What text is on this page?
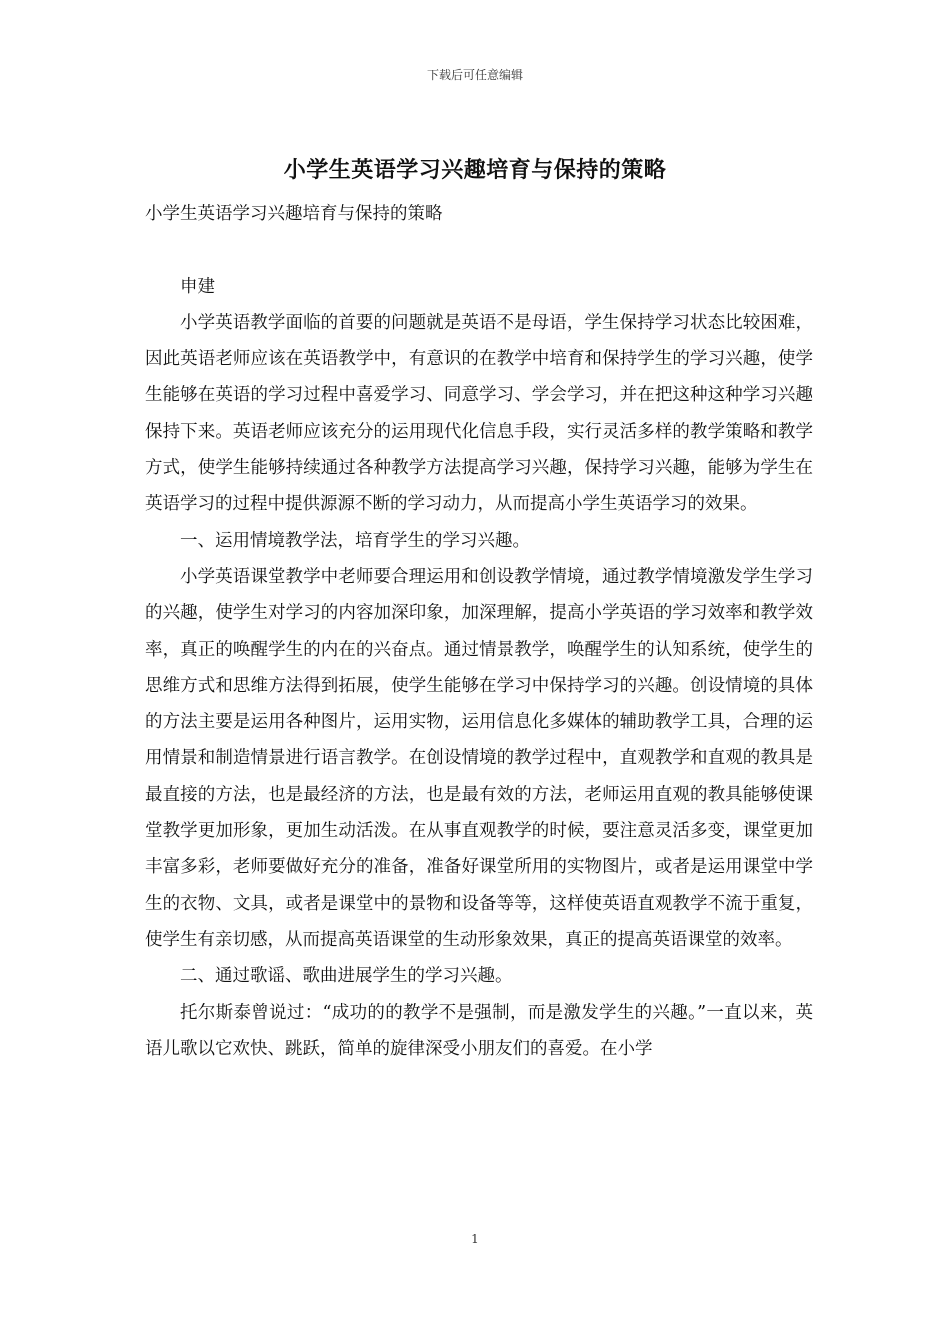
下载后可任意编辑
小学生英语学习兴趣培育与保持的策略

小学生英语学习兴趣培育与保持的策略

申建

小学英语教学面临的首要的问题就是英语不是母语，学生保持学习状态比较困难，因此英语老师应该在英语教学中，有意识的在教学中培育和保持学生的学习兴趣，使学生能够在英语的学习过程中喜爱学习、同意学习、学会学习，并在把这种这种学习兴趣保持下来。英语老师应该充分的运用现代化信息手段，实行灵活多样的教学策略和教学方式，使学生能够持续通过各种教学方法提高学习兴趣，保持学习兴趣，能够为学生在英语学习的过程中提供源源不断的学习动力，从而提高小学生英语学习的效果。

一、运用情境教学法，培育学生的学习兴趣。

小学英语课堂教学中老师要合理运用和创设教学情境，通过教学情境激发学生学习的兴趣，使学生对学习的内容加深印象，加深理解，提高小学英语的学习效率和教学效率，真正的唤醒学生的内在的兴奋点。通过情景教学，唤醒学生的认知系统，使学生的思维方式和思维方法得到拓展，使学生能够在学习中保持学习的兴趣。创设情境的具体的方法主要是运用各种图片，运用实物，运用信息化多媒体的辅助教学工具，合理的运用情景和制造情景进行语言教学。在创设情境的教学过程中，直观教学和直观的教具是最直接的方法，也是最经济的方法，也是最有效的方法，老师运用直观的教具能够使课堂教学更加形象，更加生动活泼。在从事直观教学的时候，要注意灵活多变，课堂更加丰富多彩，老师要做好充分的准备，准备好课堂所用的实物图片，或者是运用课堂中学生的衣物、文具，或者是课堂中的景物和设备等等，这样使英语直观教学不流于重复，使学生有亲切感，从而提高英语课堂的生动形象效果，真正的提高英语课堂的效率。

二、通过歌谣、歌曲进展学生的学习兴趣。

托尔斯泰曾说过：“成功的的教学不是强制，而是激发学生的兴趣。”一直以来，英语儿歌以它欢快、跳跃，简单的旋律深受小朋友们的喜爱。在小学

1
